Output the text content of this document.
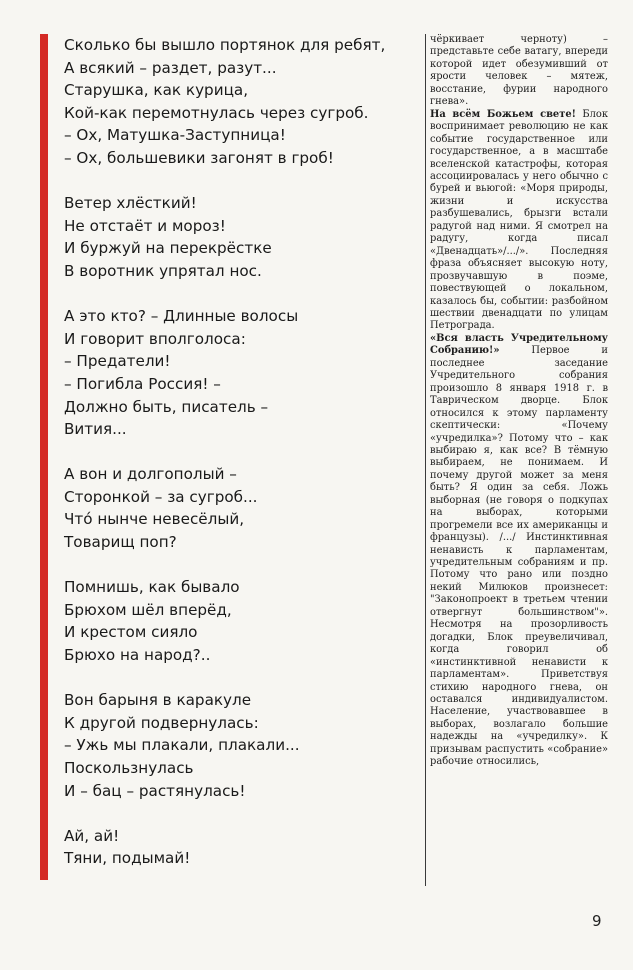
Сколько бы вышло портянок для ребят,
А всякий – раздет, разут...
Старушка, как курица,
Кой-как перемотнулась через сугроб.
– Ох, Матушка-Заступница!
– Ох, большевики загонят в гроб!
Ветер хлёсткий!
Не отстаёт и мороз!
И буржуй на перекрёстке
В воротник упрятал нос.
А это кто? – Длинные волосы
И говорит вполголоса:
– Предатели!
– Погибла Россия! –
Должно быть, писатель –
Вития...
А вон и долгополый –
Сторонкой – за сугроб...
Что́ нынче невесёлый,
Товарищ поп?
Помнишь, как бывало
Брюхом шёл вперёд,
И крестом сияло
Брюхо на народ?..
Вон барыня в каракуле
К другой подвернулась:
– Ужь мы плакали, плакали...
Поскользнулась
И – бац – растянулась!
Ай, ай!
Тяни, подымай!

чёркивает черноту) – представьте себе ватагу, впереди которой идет обезумивший от ярости человек – мятеж, восстание, фурии народного гнева».

На всём Божьем свете! Блок воспринимает революцию не как событие государственное или государственное, а в масштабе вселенской катастрофы, которая ассоциировалась у него обычно с бурей и вьюгой: «Моря природы, жизни и искусства разбушевались, брызги встали радугой над ними. Я смотрел на радугу, когда писал «Двенадцать»/.../». Последняя фраза объясняет высокую ноту, прозвучавшую в поэме, повествующей о локальном, казалось бы, событии: разбойном шествии двенадцати по улицам Петрограда.

«Вся власть Учредительному Собранию!» Первое и последнее заседание Учредительного собрания произошло 8 января 1918 г. в Таврическом дворце. Блок относился к этому парламенту скептически: «Почему «учредилка»? Потому что – как выбираю я, как все? В тёмную выбираем, не понимаем. И почему другой может за меня быть? Я один за себя. Ложь выборная (не говоря о подкупах на выборах, которыми прогремели все их американцы и французы). /.../ Инстинктивная ненависть к парламентам, учредительным собраниям и пр. Потому что рано или поздно некий Милюков произнесет: "Законопроект в третьем чтении отвергнут большинством"». Несмотря на прозорливость догадки, Блок преувеличивал, когда говорил об «инстинктивной ненависти к парламентам». Приветствуя стихию народного гнева, он оставался индивидуалистом. Население, участвовавшее в выборах, возлагало большие надежды на «учредилку». К призывам распустить «собрание» рабочие относились,

9
